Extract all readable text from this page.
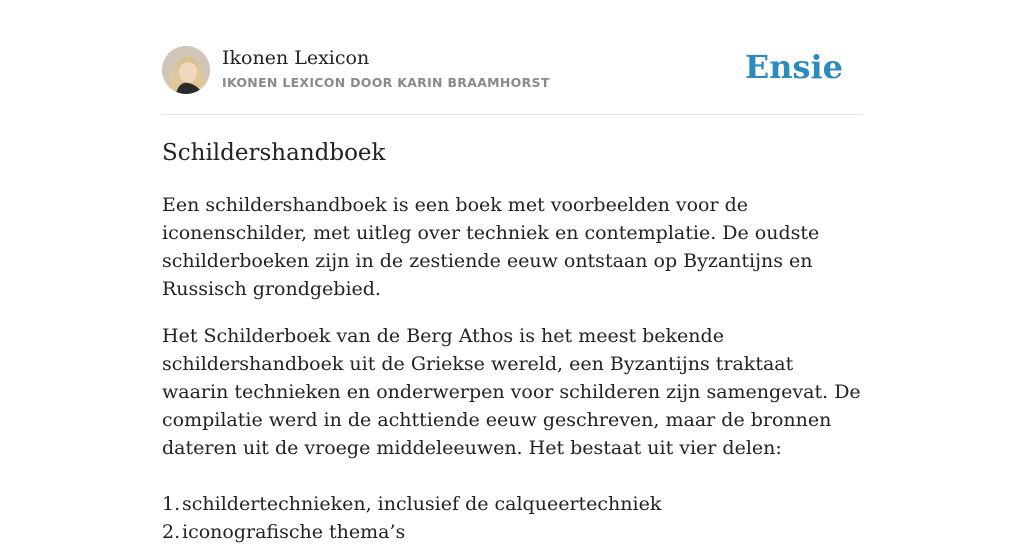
Ikonen Lexicon
IKONEN LEXICON DOOR KARIN BRAAMHORST	Ensie
Schildershandboek

Een schildershandboek is een boek met voorbeelden voor de iconenschilder, met uitleg over techniek en contemplatie. De oudste schilderboeken zijn in de zestiende eeuw ontstaan op Byzantijns en Russisch grondgebied.

Het Schilderboek van de Berg Athos is het meest bekende schildershandboek uit de Griekse wereld, een Byzantijns traktaat waarin technieken en onderwerpen voor schilderen zijn samengevat. De compilatie werd in de achttiende eeuw geschreven, maar de bronnen dateren uit de vroege middeleeuwen. Het bestaat uit vier delen:

1. schildertechnieken, inclusief de calqueertechniek
2. iconografische thema’s
